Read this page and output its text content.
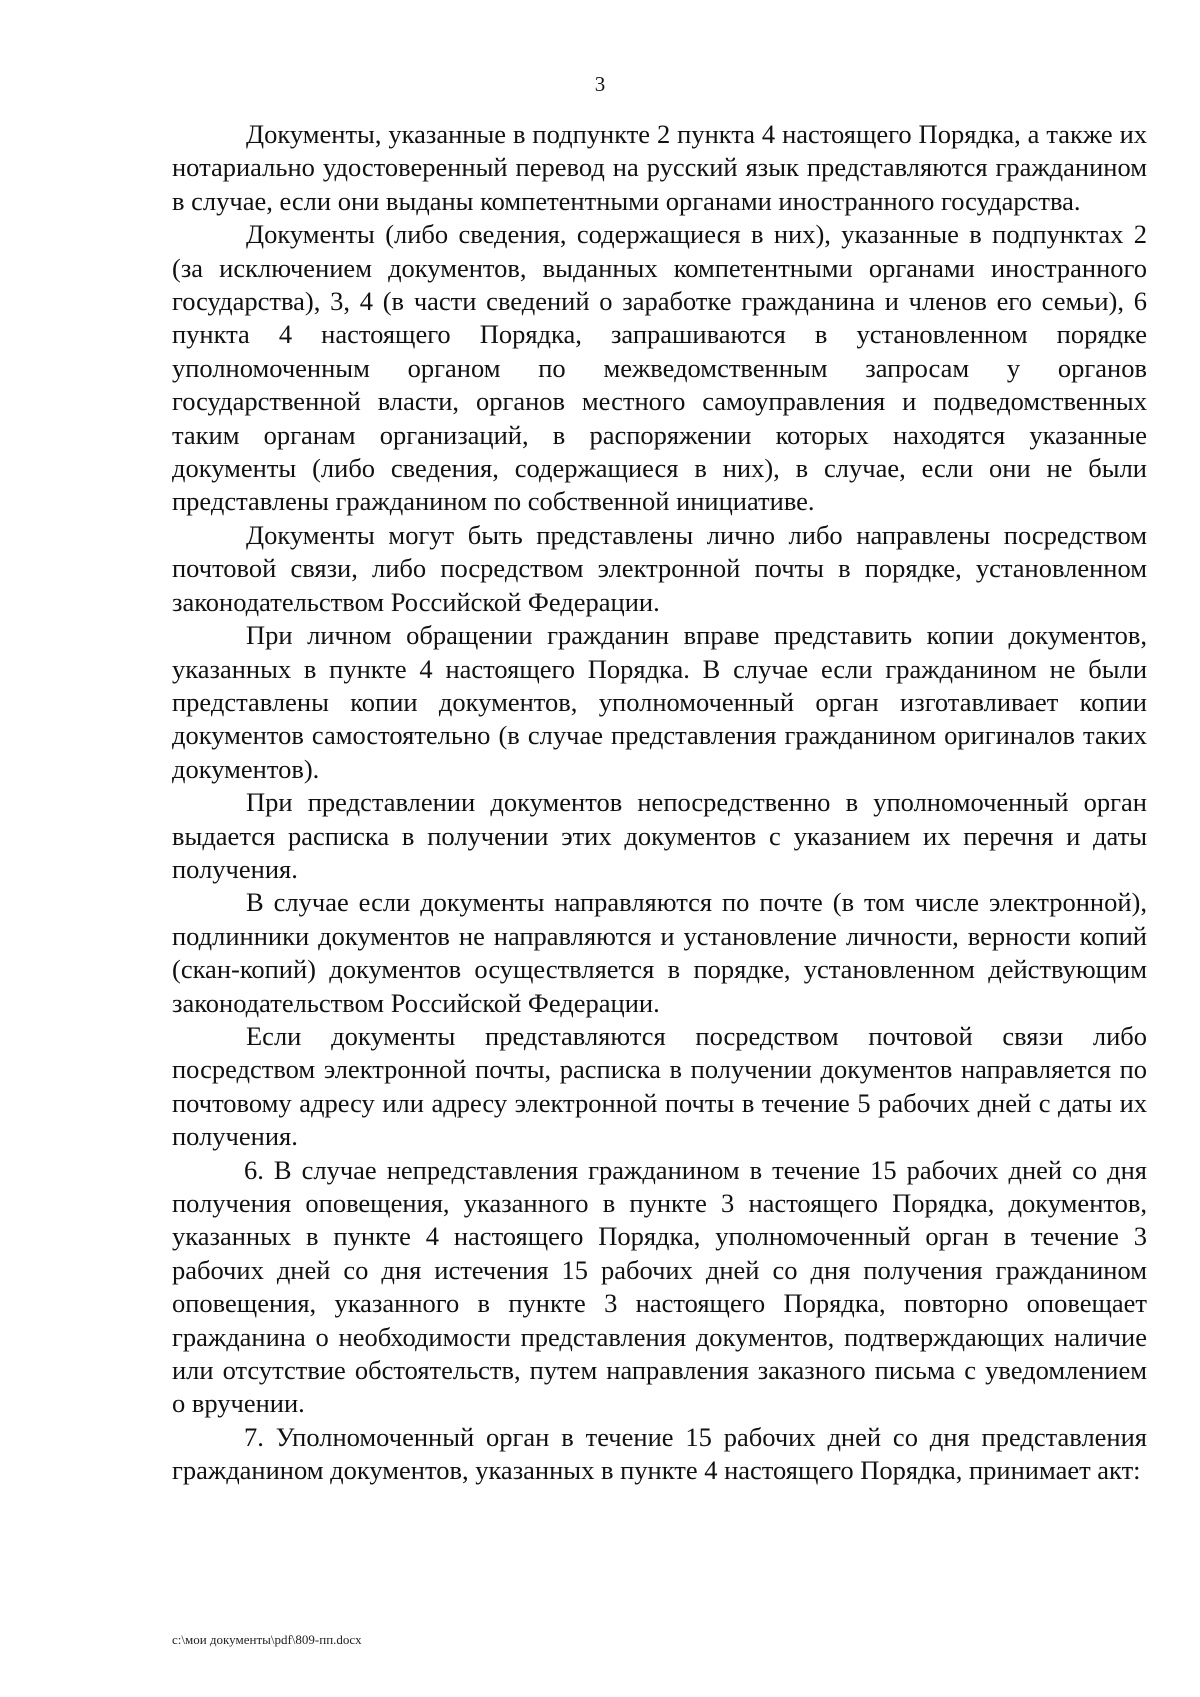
3

Документы, указанные в подпункте 2 пункта 4 настоящего Порядка, а также их нотариально удостоверенный перевод на русский язык представляются гражданином в случае, если они выданы компетентными органами иностранного государства.

Документы (либо сведения, содержащиеся в них), указанные в подпунктах 2 (за исключением документов, выданных компетентными органами иностранного государства), 3, 4 (в части сведений о заработке гражданина и членов его семьи), 6 пункта 4 настоящего Порядка, запрашиваются в установленном порядке уполномоченным органом по межведомственным запросам у органов государственной власти, органов местного самоуправления и подведомственных таким органам организаций, в распоряжении которых находятся указанные документы (либо сведения, содержащиеся в них), в случае, если они не были представлены гражданином по собственной инициативе.

Документы могут быть представлены лично либо направлены посредством почтовой связи, либо посредством электронной почты в порядке, установленном законодательством Российской Федерации.

При личном обращении гражданин вправе представить копии документов, указанных в пункте 4 настоящего Порядка. В случае если гражданином не были представлены копии документов, уполномоченный орган изготавливает копии документов самостоятельно (в случае представления гражданином оригиналов таких документов).

При представлении документов непосредственно в уполномоченный орган выдается расписка в получении этих документов с указанием их перечня и даты получения.

В случае если документы направляются по почте (в том числе электронной), подлинники документов не направляются и установление личности, верности копий (скан-копий) документов осуществляется в порядке, установленном действующим законодательством Российской Федерации.

Если документы представляются посредством почтовой связи либо посредством электронной почты, расписка в получении документов направляется по почтовому адресу или адресу электронной почты в течение 5 рабочих дней с даты их получения.

6. В случае непредставления гражданином в течение 15 рабочих дней со дня получения оповещения, указанного в пункте 3 настоящего Порядка, документов, указанных в пункте 4 настоящего Порядка, уполномоченный орган в течение 3 рабочих дней со дня истечения 15 рабочих дней со дня получения гражданином оповещения, указанного в пункте 3 настоящего Порядка, повторно оповещает гражданина о необходимости представления документов, подтверждающих наличие или отсутствие обстоятельств, путем направления заказного письма с уведомлением о вручении.

7. Уполномоченный орган в течение 15 рабочих дней со дня представления гражданином документов, указанных в пункте 4 настоящего Порядка, принимает акт:

c:\мои документы\pdf\809-пп.docx
